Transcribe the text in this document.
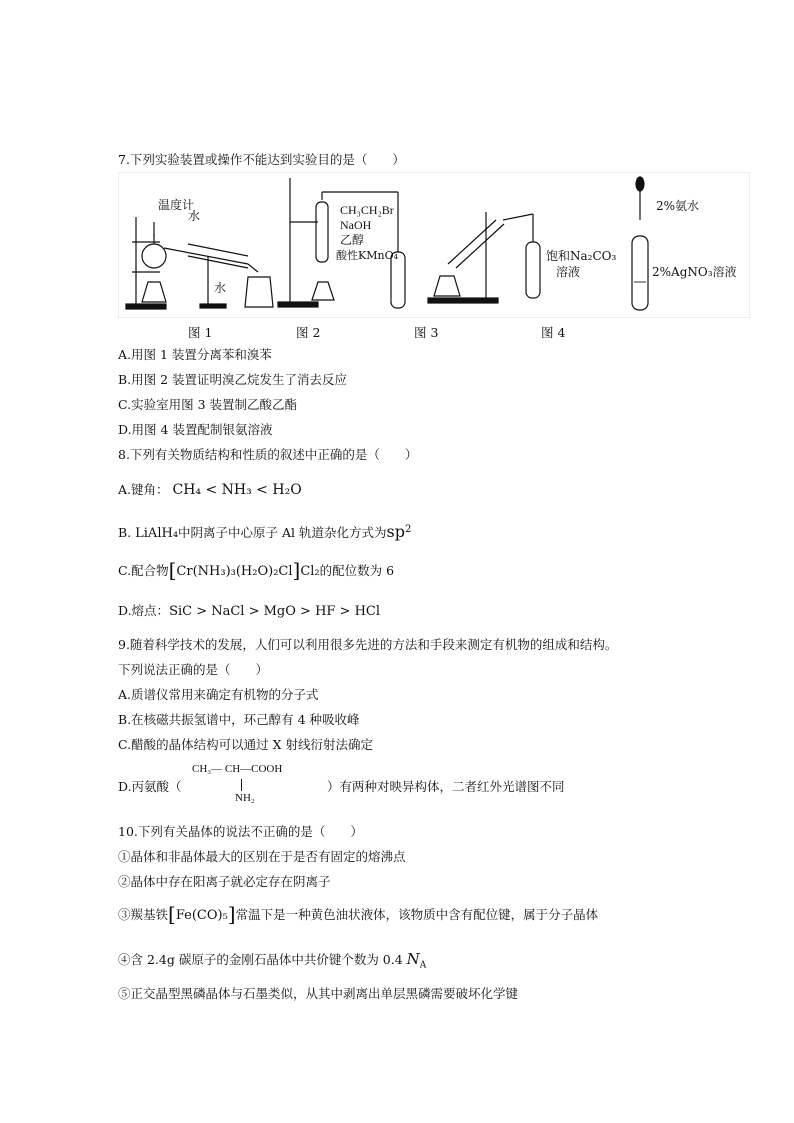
7.下列实验装置或操作不能达到实验目的是（　　）
温度计
水
水
CH₃CH₂Br
NaOH
乙醇
酸性KMnO₄	饱和Na₂CO₃
溶液
2%氨水
2%AgNO₃溶液
图 1	图 2	图 3	图 4
A.用图 1 装置分离苯和溴苯
B.用图 2 装置证明溴乙烷发生了消去反应
C.实验室用图 3 装置制乙酸乙酯
D.用图 4 装置配制银氨溶液
8.下列有关物质结构和性质的叙述中正确的是（　　）
A.键角： CH₄ < NH₃ < H₂O
B. LiAlH₄中阴离子中心原子 Al 轨道杂化方式为$sp^2$
C.配合物[Cr(NH₃)₃(H₂O)₂Cl]Cl₂的配位数为 6
D.熔点：SiC > NaCl > MgO > HF > HCl
9.随着科学技术的发展，人们可以利用很多先进的方法和手段来测定有机物的组成和结构。
下列说法正确的是（　　）
A.质谱仪常用来确定有机物的分子式
B.在核磁共振氢谱中，环己醇有 4 种吸收峰
C.醋酸的晶体结构可以通过 X 射线衍射法确定
D.丙氨酸（
CH₃— CH—COOH
NH₂
）有两种对映异构体，二者红外光谱图不同
10.下列有关晶体的说法不正确的是（　　）
①晶体和非晶体最大的区别在于是否有固定的熔沸点
②晶体中存在阳离子就必定存在阴离子
③羰基铁[Fe(CO)₅]常温下是一种黄色油状液体，该物质中含有配位键，属于分子晶体
④含 2.4g 碳原子的金刚石晶体中共价键个数为 0.4 $N_A$
⑤正交晶型黑磷晶体与石墨类似，从其中剥离出单层黑磷需要破坏化学键
